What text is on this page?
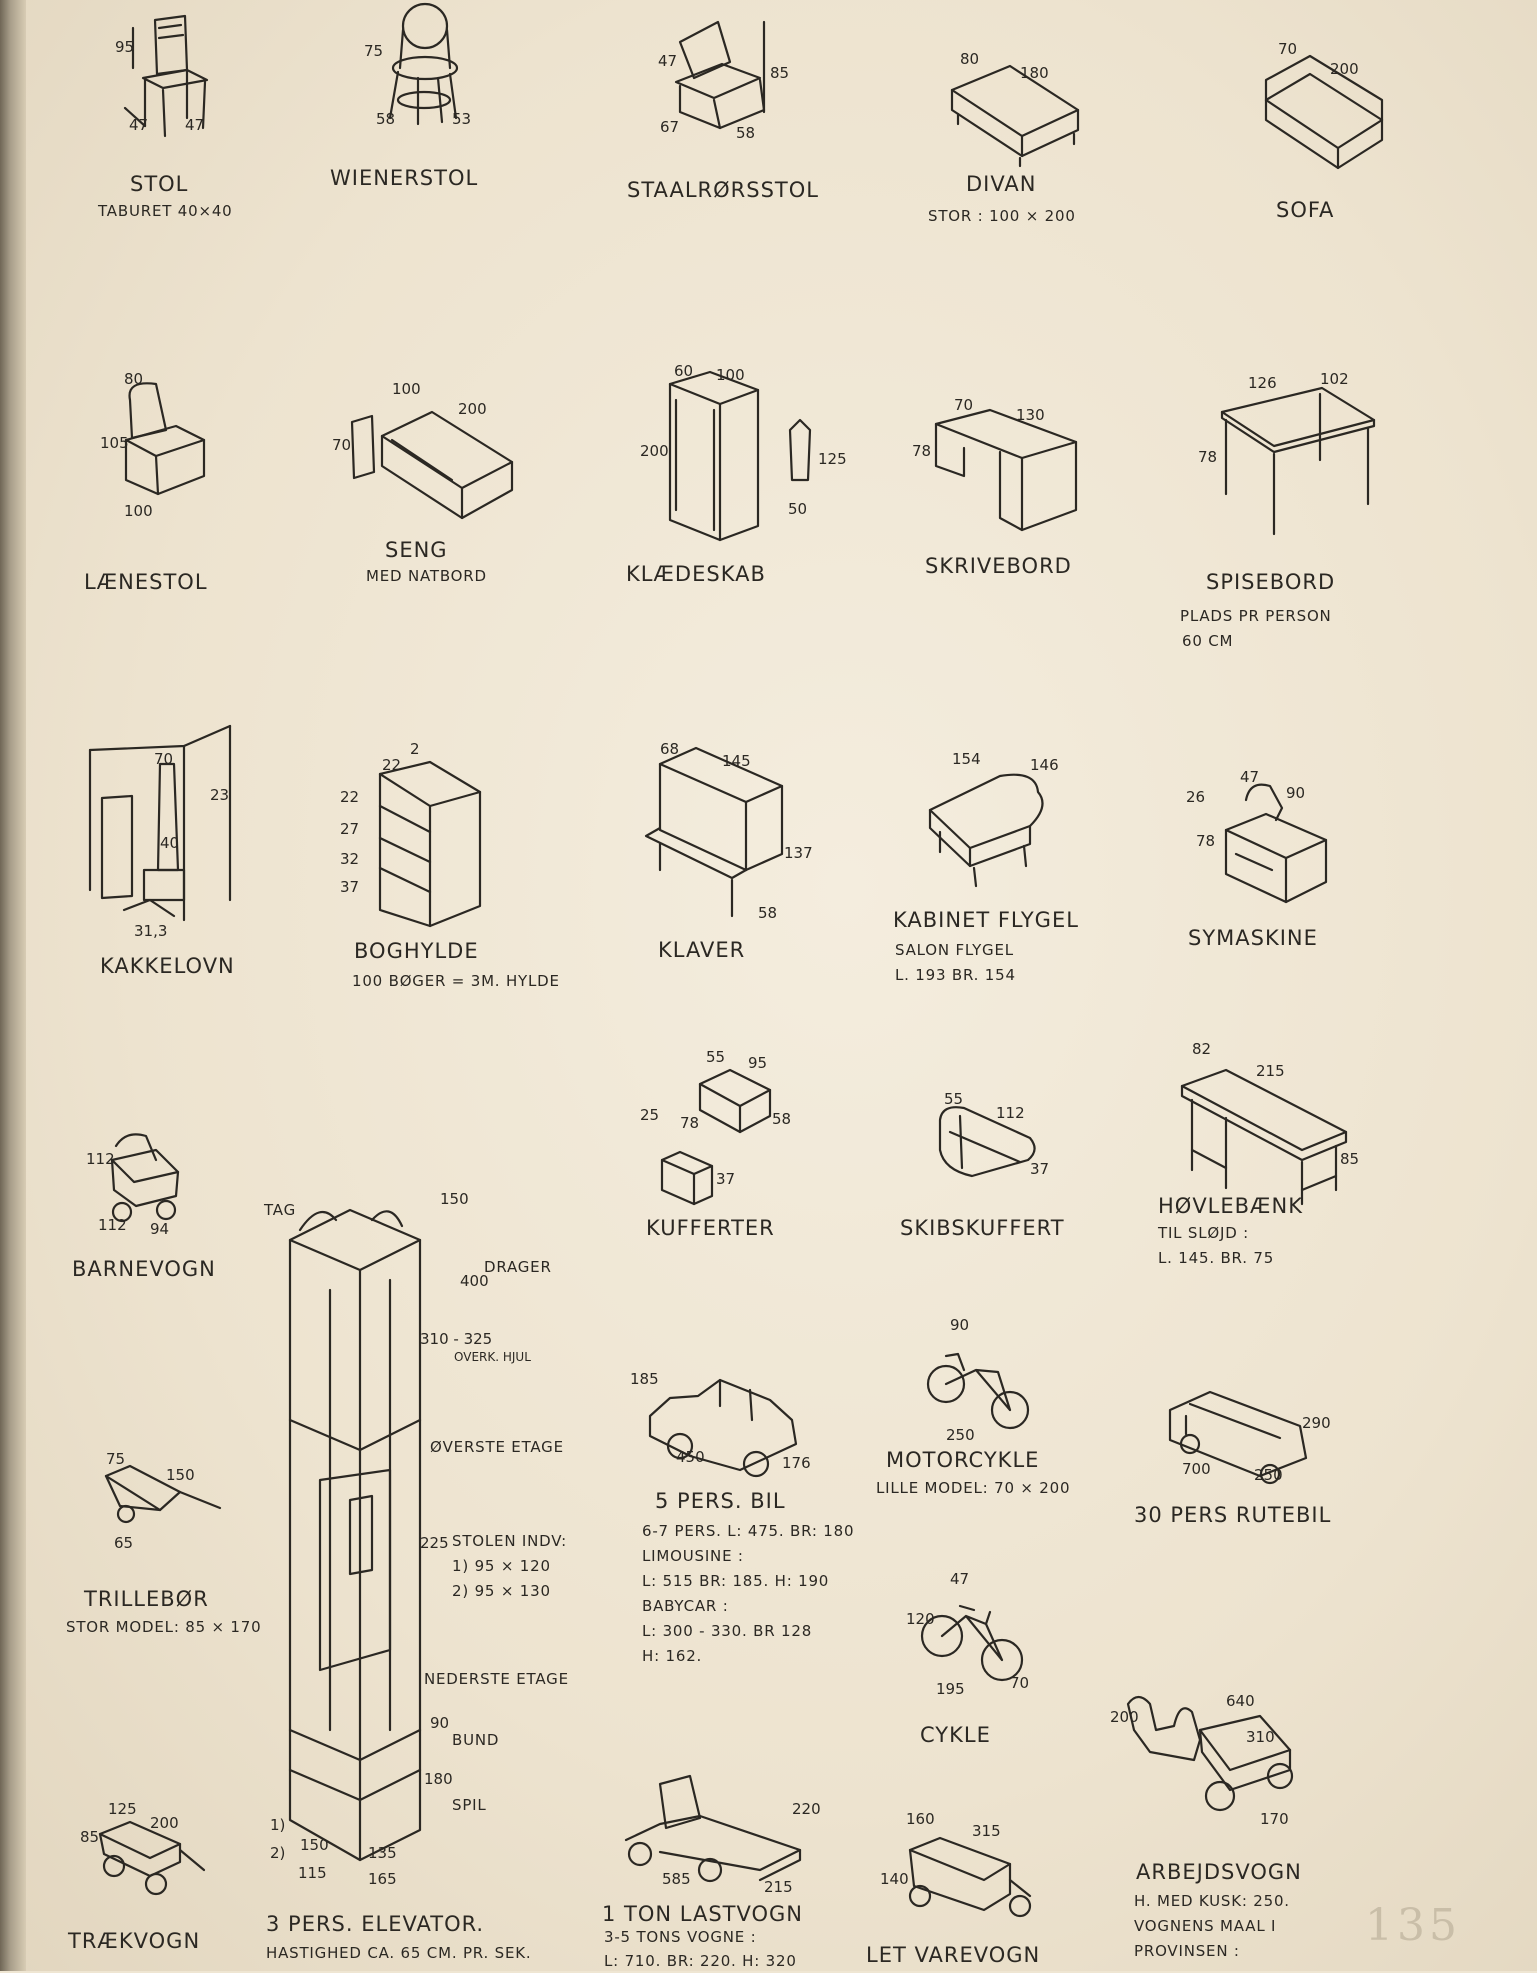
95
47 47
STOL
TABURET 40×40
75
58	53
WIENERSTOL
47
85
67	58
STAALRØRSSTOL
80
180
DIVAN
STOR : 100 × 200
70
200
SOFA
80
105
100
LÆNESTOL
100
200
70
SENG
MED NATBORD
60 100
200	125
50
KLÆDESKAB
70
130
78
SKRIVEBORD
126	102
78
SPISEBORD
PLADS PR PERSON
60 CM
70
23
40
31,3
KAKKELOVN
2
22
22
27
32
37
BOGHYLDE
100 BØGER = 3M. HYLDE
68
145
137
58
KLAVER
154	146
KABINET FLYGEL
SALON FLYGEL
L. 193 BR. 154
26
47
90
78
SYMASKINE
112
112 94
BARNEVOGN
55 95
58
25 78
37
KUFFERTER
55
112
37
SKIBSKUFFERT
82
215
85
HØVLEBÆNK
TIL SLØJD :
L. 145. BR. 75
TAG
DRAGER
ØVERSTE ETAGE
STOLEN INDV:
1) 95 × 120
2) 95 × 130
NEDERSTE ETAGE
BUND
SPIL
150
400
310 - 325
OVERK. HJUL
225
90
180
150	135
115	165
1)
2)
3 PERS. ELEVATOR.
HASTIGHED CA. 65 CM. PR. SEK.
185
450	176
5 PERS. BIL
6-7 PERS. L: 475. BR: 180
LIMOUSINE :
L: 515 BR: 185. H: 190
BABYCAR :
L: 300 - 330. BR 128
H: 162.
90
250
MOTORCYKLE
LILLE MODEL: 70 × 200
700	250
290
30 PERS RUTEBIL
75
150
65
TRILLEBØR
STOR MODEL: 85 × 170
47
120
195	70
CYKLE
200
640
310
170
ARBEJDSVOGN
H. MED KUSK: 250.
VOGNENS MAAL I
PROVINSEN :
125
200
85
TRÆKVOGN
585	215
220
1 TON LASTVOGN
3-5 TONS VOGNE :
L: 710. BR: 220. H: 320
160
315
140
LET VAREVOGN
135
